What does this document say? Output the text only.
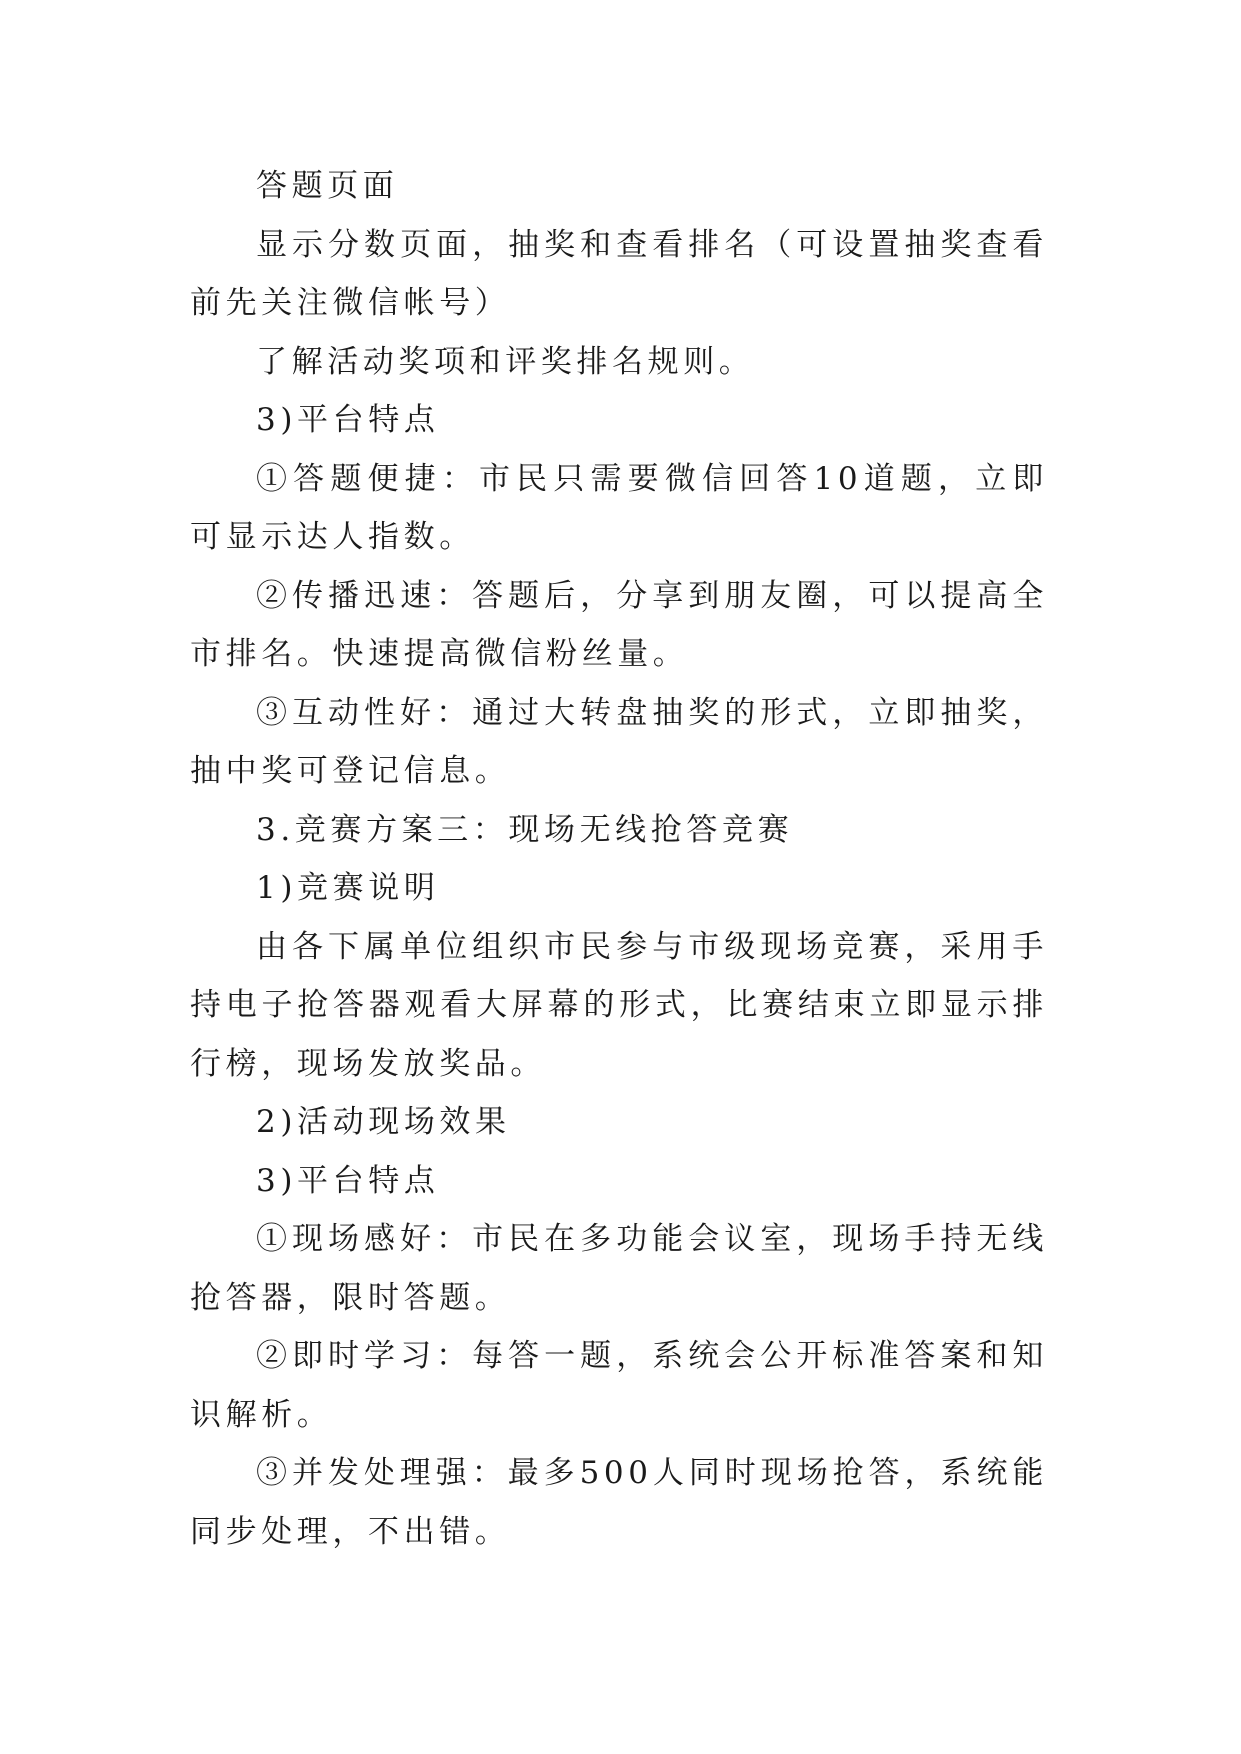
答题页面

显示分数页面，抽奖和查看排名（可设置抽奖查看前先关注微信帐号）

了解活动奖项和评奖排名规则。

3)平台特点

①答题便捷：市民只需要微信回答10道题，立即可显示达人指数。

②传播迅速：答题后，分享到朋友圈，可以提高全市排名。快速提高微信粉丝量。

③互动性好：通过大转盘抽奖的形式，立即抽奖，抽中奖可登记信息。

3.竞赛方案三：现场无线抢答竞赛

1)竞赛说明

由各下属单位组织市民参与市级现场竞赛，采用手持电子抢答器观看大屏幕的形式，比赛结束立即显示排行榜，现场发放奖品。

2)活动现场效果

3)平台特点

①现场感好：市民在多功能会议室，现场手持无线抢答器，限时答题。

②即时学习：每答一题，系统会公开标准答案和知识解析。

③并发处理强：最多500人同时现场抢答，系统能同步处理，不出错。
